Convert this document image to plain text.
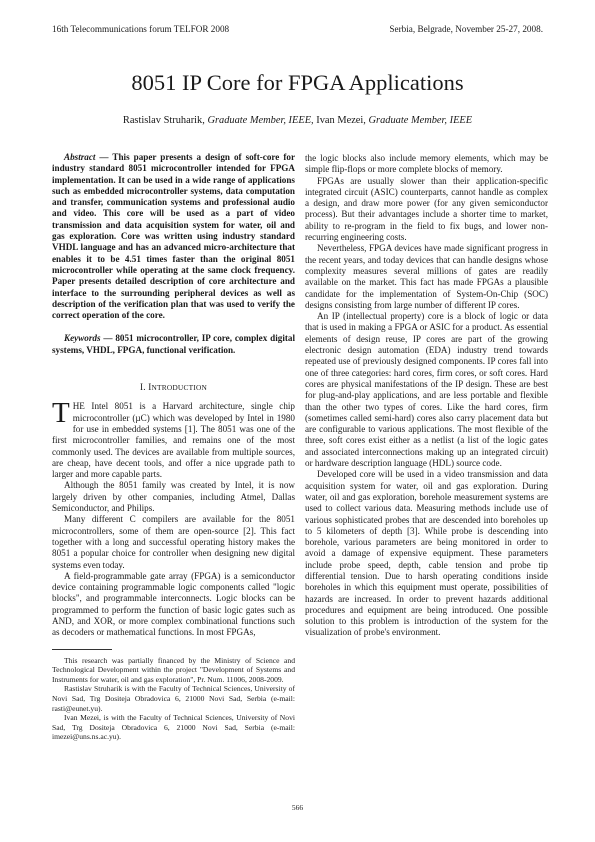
16th Telecommunications forum TELFOR 2008	Serbia, Belgrade, November 25-27, 2008.
8051 IP Core for FPGA Applications
Rastislav Struharik, Graduate Member, IEEE, Ivan Mezei, Graduate Member, IEEE

Abstract — This paper presents a design of soft-core for industry standard 8051 microcontroller intended for FPGA implementation. It can be used in a wide range of applications such as embedded microcontroller systems, data computation and transfer, communication systems and professional audio and video. This core will be used as a part of video transmission and data acquisition system for water, oil and gas exploration. Core was written using industry standard VHDL language and has an advanced micro-architecture that enables it to be 4.51 times faster than the original 8051 microcontroller while operating at the same clock frequency. Paper presents detailed description of core architecture and interface to the surrounding peripheral devices as well as description of the verification plan that was used to verify the correct operation of the core.

Keywords — 8051 microcontroller, IP core, complex digital systems, VHDL, FPGA, functional verification.

I. INTRODUCTION

THE Intel 8051 is a Harvard architecture, single chip microcontroller (µC) which was developed by Intel in 1980 for use in embedded systems [1]. The 8051 was one of the first microcontroller families, and remains one of the most commonly used. The devices are available from multiple sources, are cheap, have decent tools, and offer a nice upgrade path to larger and more capable parts.

Although the 8051 family was created by Intel, it is now largely driven by other companies, including Atmel, Dallas Semiconductor, and Philips.

Many different C compilers are available for the 8051 microcontrollers, some of them are open-source [2]. This fact together with a long and successful operating history makes the 8051 a popular choice for controller when designing new digital systems even today.

A field-programmable gate array (FPGA) is a semiconductor device containing programmable logic components called "logic blocks", and programmable interconnects. Logic blocks can be programmed to perform the function of basic logic gates such as AND, and XOR, or more complex combinational functions such as decoders or mathematical functions. In most FPGAs,

This research was partially financed by the Ministry of Science and Technological Development within the project "Development of Systems and Instruments for water, oil and gas exploration", Pr. Num. 11006, 2008-2009.

Rastislav Struharik is with the Faculty of Technical Sciences, University of Novi Sad, Trg Dositeja Obradovica 6, 21000 Novi Sad, Serbia (e-mail: rasti@eunet.yu).

Ivan Mezei, is with the Faculty of Technical Sciences, University of Novi Sad, Trg Dositeja Obradovica 6, 21000 Novi Sad, Serbia (e-mail: imezei@uns.ns.ac.yu).

the logic blocks also include memory elements, which may be simple flip-flops or more complete blocks of memory.

FPGAs are usually slower than their application-specific integrated circuit (ASIC) counterparts, cannot handle as complex a design, and draw more power (for any given semiconductor process). But their advantages include a shorter time to market, ability to re-program in the field to fix bugs, and lower non-recurring engineering costs.

Nevertheless, FPGA devices have made significant progress in the recent years, and today devices that can handle designs whose complexity measures several millions of gates are readily available on the market. This fact has made FPGAs a plausible candidate for the implementation of System-On-Chip (SOC) designs consisting from large number of different IP cores.

An IP (intellectual property) core is a block of logic or data that is used in making a FPGA or ASIC for a product. As essential elements of design reuse, IP cores are part of the growing electronic design automation (EDA) industry trend towards repeated use of previously designed components. IP cores fall into one of three categories: hard cores, firm cores, or soft cores. Hard cores are physical manifestations of the IP design. These are best for plug-and-play applications, and are less portable and flexible than the other two types of cores. Like the hard cores, firm (sometimes called semi-hard) cores also carry placement data but are configurable to various applications. The most flexible of the three, soft cores exist either as a netlist (a list of the logic gates and associated interconnections making up an integrated circuit) or hardware description language (HDL) source code.

Developed core will be used in a video transmission and data acquisition system for water, oil and gas exploration. During water, oil and gas exploration, borehole measurement systems are used to collect various data. Measuring methods include use of various sophisticated probes that are descended into boreholes up to 5 kilometers of depth [3]. While probe is descending into borehole, various parameters are being monitored in order to avoid a damage of expensive equipment. These parameters include probe speed, depth, cable tension and probe tip differential tension. Due to harsh operating conditions inside boreholes in which this equipment must operate, possibilities of hazards are increased. In order to prevent hazards additional procedures and equipment are being introduced. One possible solution to this problem is introduction of the system for the visualization of probe's environment.

566
